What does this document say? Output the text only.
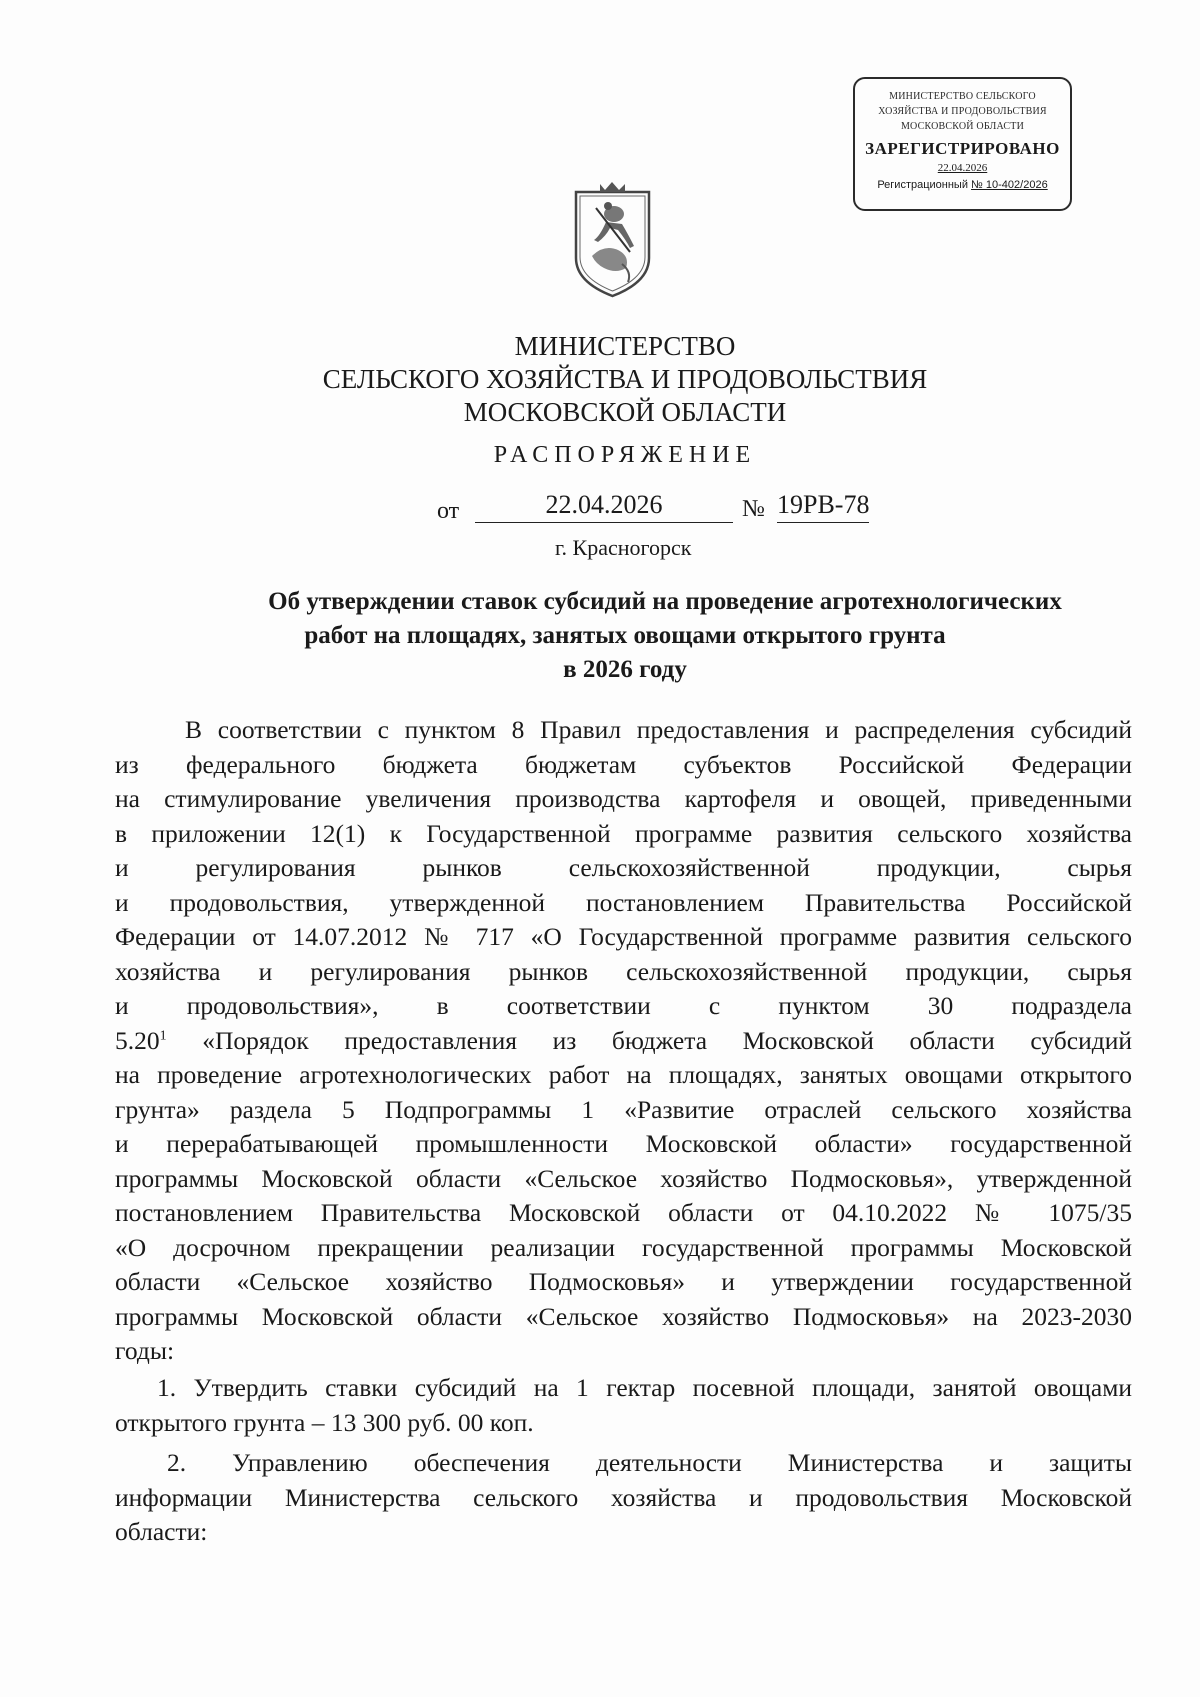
МИНИСТЕРСТВО СЕЛЬСКОГО
ХОЗЯЙСТВА И ПРОДОВОЛЬСТВИЯ
МОСКОВСКОЙ ОБЛАСТИ
ЗАРЕГИСТРИРОВАНО
22.04.2026
Регистрационный № 10-402/2026
МИНИСТЕРСТВО
СЕЛЬСКОГО ХОЗЯЙСТВА И ПРОДОВОЛЬСТВИЯ
МОСКОВСКОЙ ОБЛАСТИ
РАСПОРЯЖЕНИЕ
от	22.04.2026	№ 19РВ-78
г. Красногорск
Об утверждении ставок субсидий на проведение агротехнологических
работ на площадях, занятых овощами открытого грунта
в 2026 году
В соответствии с пунктом 8 Правил предоставления и распределения субсидий
из федерального бюджета бюджетам субъектов Российской Федерации
на стимулирование увеличения производства картофеля и овощей, приведенными
в приложении 12(1) к Государственной программе развития сельского хозяйства
и регулирования рынков сельскохозяйственной продукции, сырья
и продовольствия, утвержденной постановлением Правительства Российской
Федерации от 14.07.2012 № 717 «О Государственной программе развития сельского
хозяйства и регулирования рынков сельскохозяйственной продукции, сырья
и продовольствия», в соответствии с пунктом 30 подраздела
5.20$^1$ «Порядок предоставления из бюджета Московской области субсидий
на проведение агротехнологических работ на площадях, занятых овощами открытого
грунта» раздела 5 Подпрограммы 1 «Развитие отраслей сельского хозяйства
и перерабатывающей промышленности Московской области» государственной
программы Московской области «Сельское хозяйство Подмосковья», утвержденной
постановлением Правительства Московской области от 04.10.2022 № 1075/35
«О досрочном прекращении реализации государственной программы Московской
области «Сельское хозяйство Подмосковья» и утверждении государственной
программы Московской области «Сельское хозяйство Подмосковья» на 2023-2030
годы:
1. Утвердить ставки субсидий на 1 гектар посевной площади, занятой овощами
открытого грунта – 13 300 руб. 00 коп.
2. Управлению обеспечения деятельности Министерства и защиты
информации Министерства сельского хозяйства и продовольствия Московской
области:
